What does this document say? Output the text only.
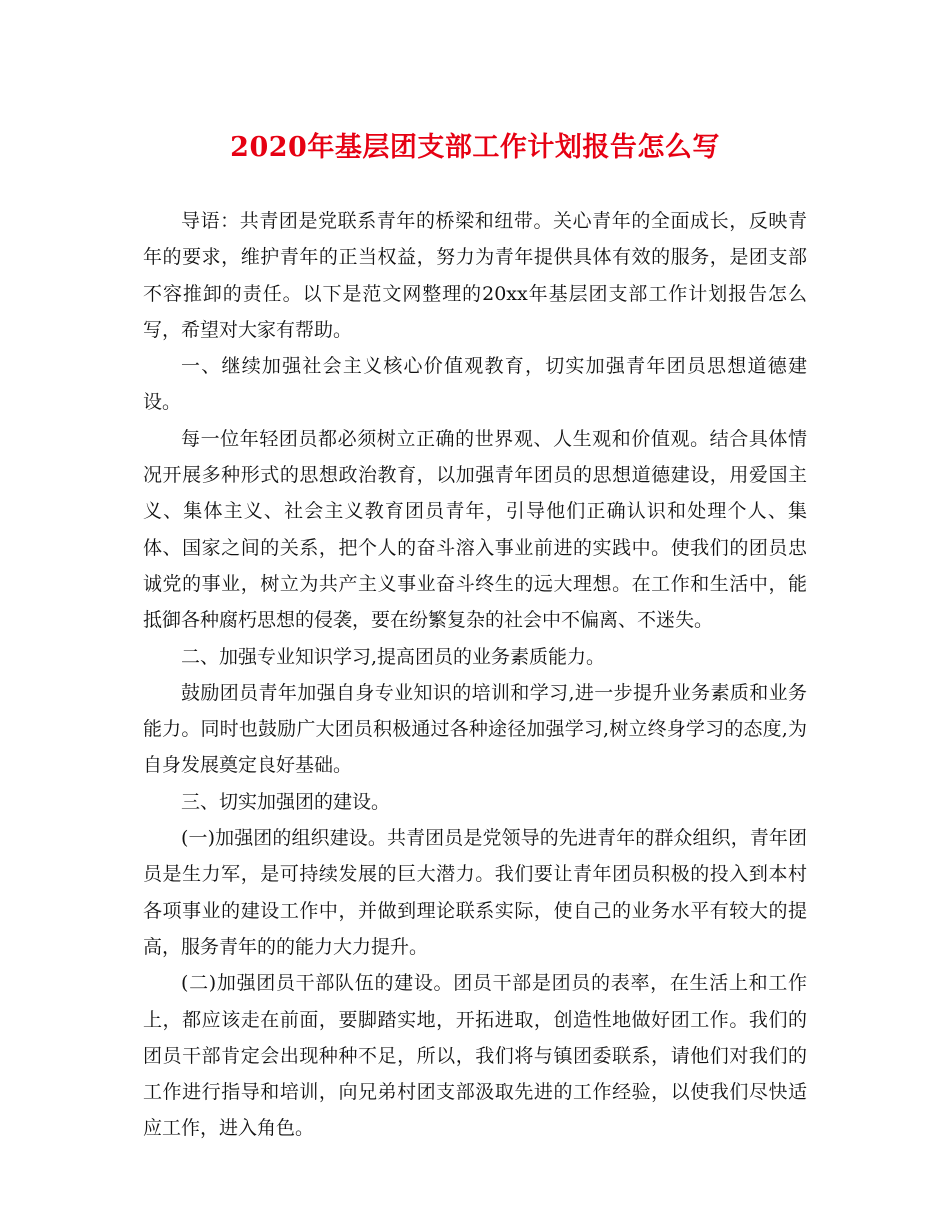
2020年基层团支部工作计划报告怎么写

导语：共青团是党联系青年的桥梁和纽带。关心青年的全面成长，反映青年的要求，维护青年的正当权益，努力为青年提供具体有效的服务，是团支部不容推卸的责任。以下是范文网整理的20xx年基层团支部工作计划报告怎么写，希望对大家有帮助。

一、继续加强社会主义核心价值观教育，切实加强青年团员思想道德建设。

每一位年轻团员都必须树立正确的世界观、人生观和价值观。结合具体情况开展多种形式的思想政治教育，以加强青年团员的思想道德建设，用爱国主义、集体主义、社会主义教育团员青年，引导他们正确认识和处理个人、集体、国家之间的关系，把个人的奋斗溶入事业前进的实践中。使我们的团员忠诚党的事业，树立为共产主义事业奋斗终生的远大理想。在工作和生活中，能抵御各种腐朽思想的侵袭，要在纷繁复杂的社会中不偏离、不迷失。

二、加强专业知识学习,提高团员的业务素质能力。

鼓励团员青年加强自身专业知识的培训和学习,进一步提升业务素质和业务能力。同时也鼓励广大团员积极通过各种途径加强学习,树立终身学习的态度,为自身发展奠定良好基础。

三、切实加强团的建设。

(一)加强团的组织建设。共青团员是党领导的先进青年的群众组织，青年团员是生力军，是可持续发展的巨大潜力。我们要让青年团员积极的投入到本村各项事业的建设工作中，并做到理论联系实际，使自己的业务水平有较大的提高，服务青年的的能力大力提升。

(二)加强团员干部队伍的建设。团员干部是团员的表率，在生活上和工作上，都应该走在前面，要脚踏实地，开拓进取，创造性地做好团工作。我们的团员干部肯定会出现种种不足，所以，我们将与镇团委联系，请他们对我们的工作进行指导和培训，向兄弟村团支部汲取先进的工作经验，以使我们尽快适应工作，进入角色。
